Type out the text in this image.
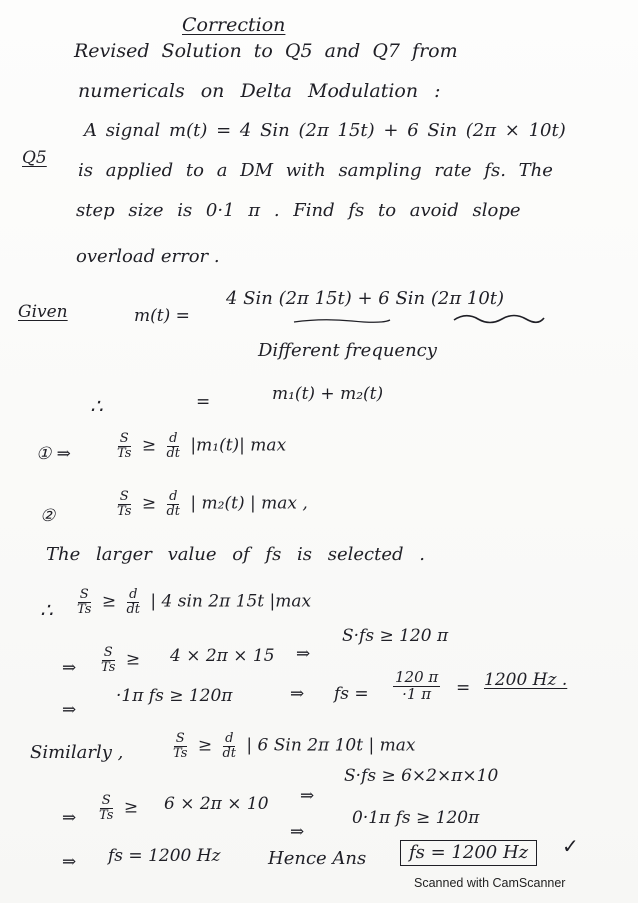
Correction
Revised Solution to Q5 and Q7 from
numericals on Delta Modulation :
Q5
A signal m(t) = 4 Sin (2π 15t) + 6 Sin (2π × 10t)
is applied to a DM with sampling rate fs. The
step size is 0·1 π . Find fs to avoid slope
overload error .
Given	m(t) =
4 Sin (2π 15t) + 6 Sin (2π 10t)
Different frequency
∴	=	m₁(t) + m₂(t)
① ⇒	$\frac{S}{Ts} \ge \frac{d}{dt} |m_1(t)|$ max
②	$\frac{S}{Ts} \ge \frac{d}{dt}$ | m₂(t) | max ,
The larger value of fs is selected .
∴ $\frac{S}{Ts} \ge \frac{d}{dt}$ | 4 sin 2π 15t |max
⇒ $\frac{S}{Ts} \ge 4 \times 2\pi \times 15$ ⇒
S·fs ≥ 120 π
⇒
·1π fs ≥ 120π	⇒ fs = $\frac{120 \pi}{\cdot 1 \pi} = 1200$ Hz .
Similarly ,	$\frac{S}{Ts} \ge \frac{d}{dt}$ | 6 Sin 2π 10t | max
⇒ $\frac{S}{Ts} \ge 6 \times 2\pi \times 10$ ⇒
S·fs ≥ 6×2×π×10
⇒
0·1π fs ≥ 120π
⇒ fs = 1200 Hz	Hence Ans	fs = 1200 Hz	✓
Scanned with CamScanner
